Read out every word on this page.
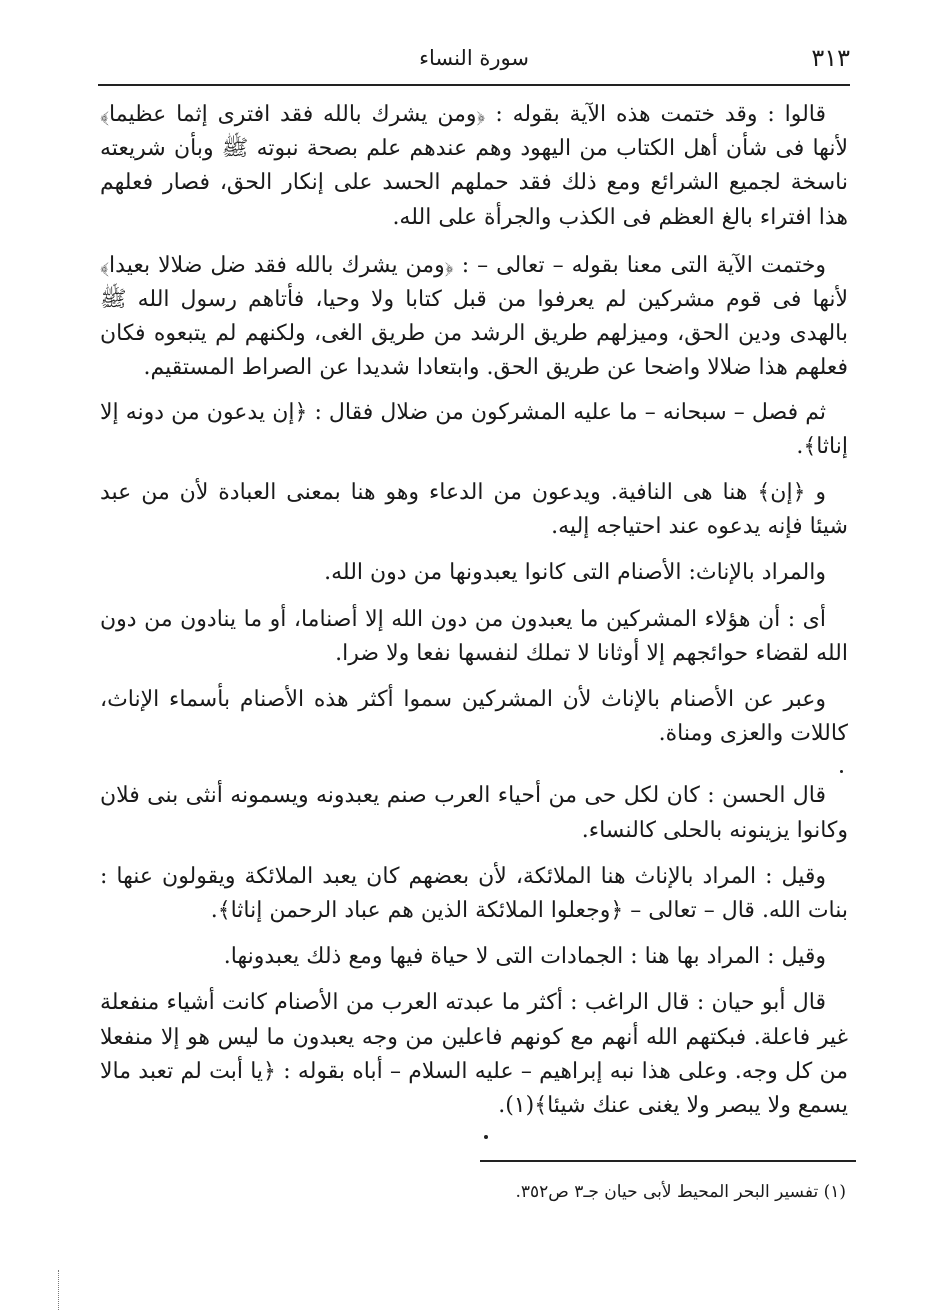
٣١٣
سورة النساء

قالوا : وقد ختمت هذه الآية بقوله : ﴿ومن يشرك بالله فقد افترى إثما عظيما﴾ لأنها فى شأن أهل الكتاب من اليهود وهم عندهم علم بصحة نبوته ﷺ وبأن شريعته ناسخة لجميع الشرائع ومع ذلك فقد حملهم الحسد على إنكار الحق، فصار فعلهم هذا افتراء بالغ العظم فى الكذب والجرأة على الله.

وختمت الآية التى معنا بقوله – تعالى – : ﴿ومن يشرك بالله فقد ضل ضلالا بعيدا﴾ لأنها فى قوم مشركين لم يعرفوا من قبل كتابا ولا وحيا، فأتاهم رسول الله ﷺ بالهدى ودين الحق، وميزلهم طريق الرشد من طريق الغى، ولكنهم لم يتبعوه فكان فعلهم هذا ضلالا واضحا عن طريق الحق. وابتعادا شديدا عن الصراط المستقيم.

ثم فصل – سبحانه – ما عليه المشركون من ضلال فقال : ﴿إن يدعون من دونه إلا إناثا﴾.

و ﴿إن﴾ هنا هى النافية. ويدعون من الدعاء وهو هنا بمعنى العبادة لأن من عبد شيئا فإنه يدعوه عند احتياجه إليه.

والمراد بالإناث: الأصنام التى كانوا يعبدونها من دون الله.

أى : أن هؤلاء المشركين ما يعبدون من دون الله إلا أصناما، أو ما ينادون من دون الله لقضاء حوائجهم إلا أوثانا لا تملك لنفسها نفعا ولا ضرا.

وعبر عن الأصنام بالإناث لأن المشركين سموا أكثر هذه الأصنام بأسماء الإناث، كاللات والعزى ومناة.

قال الحسن : كان لكل حى من أحياء العرب صنم يعبدونه ويسمونه أنثى بنى فلان وكانوا يزينونه بالحلى كالنساء.

وقيل : المراد بالإناث هنا الملائكة، لأن بعضهم كان يعبد الملائكة ويقولون عنها : بنات الله. قال – تعالى – ﴿وجعلوا الملائكة الذين هم عباد الرحمن إناثا﴾.

وقيل : المراد بها هنا : الجمادات التى لا حياة فيها ومع ذلك يعبدونها.

قال أبو حيان : قال الراغب : أكثر ما عبدته العرب من الأصنام كانت أشياء منفعلة غير فاعلة. فبكتهم الله أنهم مع كونهم فاعلين من وجه يعبدون ما ليس هو إلا منفعلا من كل وجه. وعلى هذا نبه إبراهيم – عليه السلام – أباه بقوله : ﴿يا أبت لم تعبد مالا يسمع ولا يبصر ولا يغنى عنك شيئا﴾(١).

(١) تفسير البحر المحيط لأبى حيان جـ٣ ص٣٥٢.
